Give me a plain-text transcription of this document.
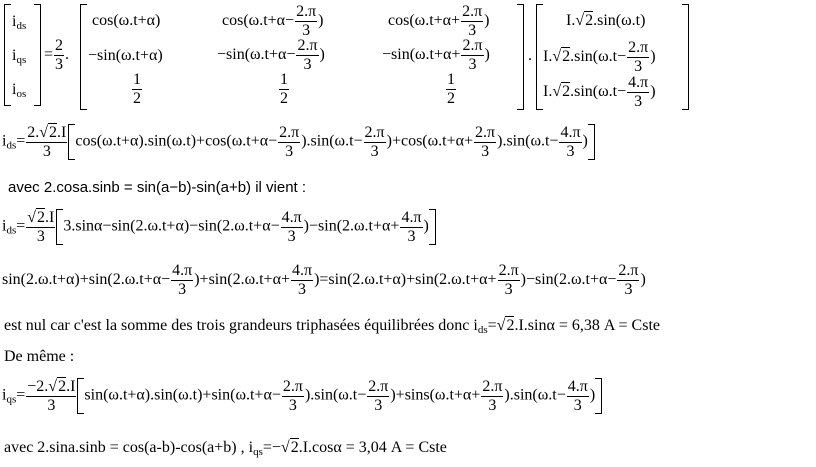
$i_{ds}$
$i_{qs}$
$i_{os}$
= $\frac{2}{3}$ .
cos(ω.t+α)	$\cos(\omega.t+\alpha- \frac{2.\pi}{3}$ )	$\cos(\omega.t+\alpha+ \frac{2.\pi}{3}$ )
−sin(ω.t+α)	$-\sin(\omega.t+\alpha- \frac{2.\pi}{3}$ )	$-\sin(\omega.t+\alpha+ \frac{2.\pi}{3}$ )
$\frac{1}{2}$	$\frac{1}{2}$	$\frac{1}{2}$
.
I.√2.sin(ω.t)
$I.√2.\sin(\omega.t- \frac{2.\pi}{3}$ )
$I.√2.\sin(\omega.t- \frac{4.\pi}{3}$ )
$i_{ds}= \frac{2.√2.I}{3} \cos(\omega.t+\alpha).\sin(\omega.t)+\cos(\omega.t+\alpha- \frac{2.\pi}{3} ).\sin(\omega.t- \frac{2.\pi}{3} )+\cos(\omega.t+\alpha+ \frac{2.\pi}{3} ).\sin(\omega.t- \frac{4.\pi}{3}$ )
avec 2.cosa.sinb = sin(a−b)-sin(a+b) il vient :
$i_{ds}= \frac{√2.I}{3} 3.\sin\alpha-\sin(2.\omega.t+\alpha)-\sin(2.\omega.t+\alpha- \frac{4.\pi}{3} )-\sin(2.\omega.t+\alpha+ \frac{4.\pi}{3}$ )
$\sin(2.\omega.t+\alpha)+\sin(2.\omega.t+\alpha- \frac{4.\pi}{3} )+\sin(2.\omega.t+\alpha+ \frac{4.\pi}{3} )=\sin(2.\omega.t+\alpha)+\sin(2.\omega.t+\alpha+ \frac{2.\pi}{3} )-\sin(2.\omega.t+\alpha- \frac{2.\pi}{3}$ )
est nul car c'est la somme des trois grandeurs triphasées équilibrées donc $i_{ds}=√2.I.\sin\alpha = 6,38$ A = Cste
De même :
$i_{qs}= \frac{-2.√2.I}{3} \sin(\omega.t+\alpha).\sin(\omega.t)+\sin(\omega.t+\alpha- \frac{2.\pi}{3} ).\sin(\omega.t- \frac{2.\pi}{3} )+\sin s(\omega.t+\alpha+ \frac{2.\pi}{3} ).\sin(\omega.t- \frac{4.\pi}{3}$ )
avec 2.sina.sinb = cos(a-b)-cos(a+b) , $i_{qs}=-√2.I.\cos\alpha = 3,04$ A = Cste
